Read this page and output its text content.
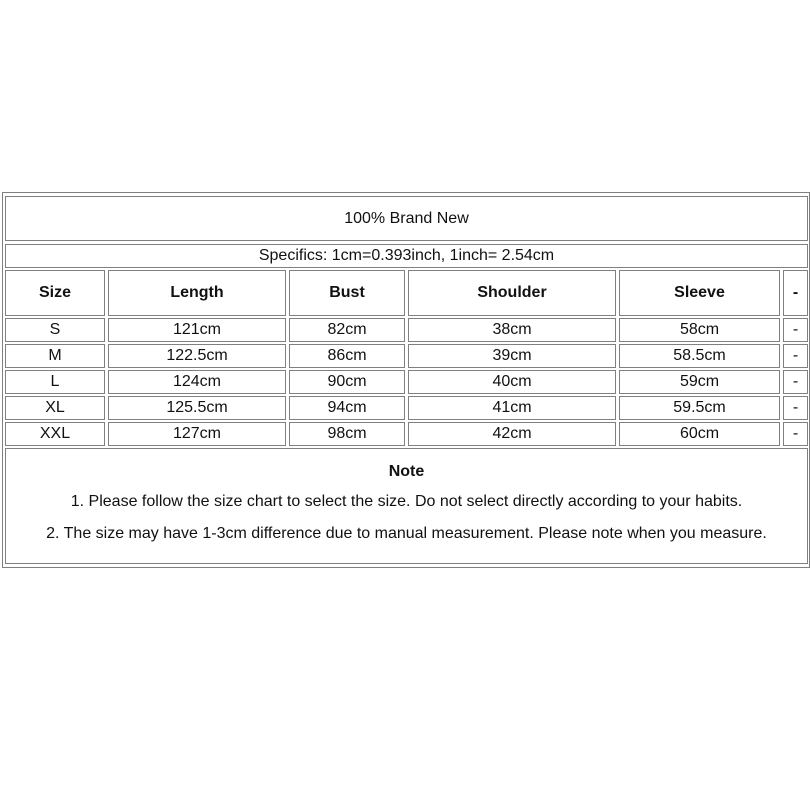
100% Brand New
Specifics: 1cm=0.393inch, 1inch= 2.54cm
Size	Length	Bust	Shoulder	Sleeve	-
S	121cm	82cm	38cm	58cm	-
M	122.5cm	86cm	39cm	58.5cm	-
L	124cm	90cm	40cm	59cm	-
XL	125.5cm	94cm	41cm	59.5cm	-
XXL	127cm	98cm	42cm	60cm	-
Note
1. Please follow the size chart to select the size. Do not select directly according to your habits.
2. The size may have 1-3cm difference due to manual measurement. Please note when you measure.
